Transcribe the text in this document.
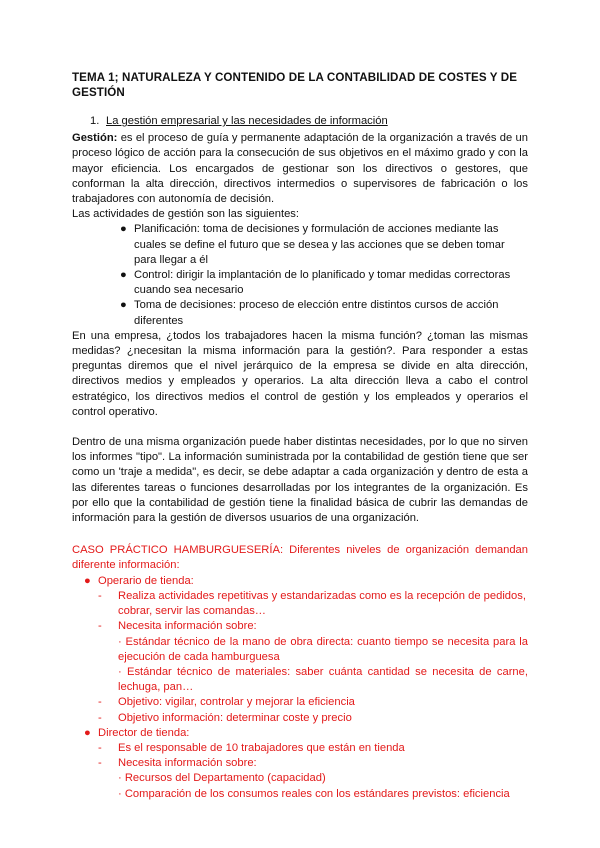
TEMA 1; NATURALEZA Y CONTENIDO DE LA CONTABILIDAD DE COSTES Y DE GESTIÓN
1. La gestión empresarial y las necesidades de información

Gestión: es el proceso de guía y permanente adaptación de la organización a través de un proceso lógico de acción para la consecución de sus objetivos en el máximo grado y con la mayor eficiencia. Los encargados de gestionar son los directivos o gestores, que conforman la alta dirección, directivos intermedios o supervisores de fabricación o los trabajadores con autonomía de decisión.

Las actividades de gestión son las siguientes:

● Planificación: toma de decisiones y formulación de acciones mediante las cuales se define el futuro que se desea y las acciones que se deben tomar para llegar a él
● Control: dirigir la implantación de lo planificado y tomar medidas correctoras cuando sea necesario
● Toma de decisiones: proceso de elección entre distintos cursos de acción diferentes

En una empresa, ¿todos los trabajadores hacen la misma función? ¿toman las mismas medidas? ¿necesitan la misma información para la gestión?. Para responder a estas preguntas diremos que el nivel jerárquico de la empresa se divide en alta dirección, directivos medios y empleados y operarios. La alta dirección lleva a cabo el control estratégico, los directivos medios el control de gestión y los empleados y operarios el control operativo.

Dentro de una misma organización puede haber distintas necesidades, por lo que no sirven los informes "tipo". La información suministrada por la contabilidad de gestión tiene que ser como un 'traje a medida", es decir, se debe adaptar a cada organización y dentro de esta a las diferentes tareas o funciones desarrolladas por los integrantes de la organización. Es por ello que la contabilidad de gestión tiene la finalidad básica de cubrir las demandas de información para la gestión de diversos usuarios de una organización.

CASO PRÁCTICO HAMBURGUESERÍA: Diferentes niveles de organización demandan diferente información:

● Operario de tienda:
- Realiza actividades repetitivas y estandarizadas como es la recepción de pedidos, cobrar, servir las comandas…
- Necesita información sobre:

· Estándar técnico de la mano de obra directa: cuanto tiempo se necesita para la ejecución de cada hamburguesa

· Estándar técnico de materiales: saber cuánta cantidad se necesita de carne, lechuga, pan…

- Objetivo: vigilar, controlar y mejorar la eficiencia
- Objetivo información: determinar coste y precio
● Director de tienda:
- Es el responsable de 10 trabajadores que están en tienda
- Necesita información sobre:

· Recursos del Departamento (capacidad)

· Comparación de los consumos reales con los estándares previstos: eficiencia
